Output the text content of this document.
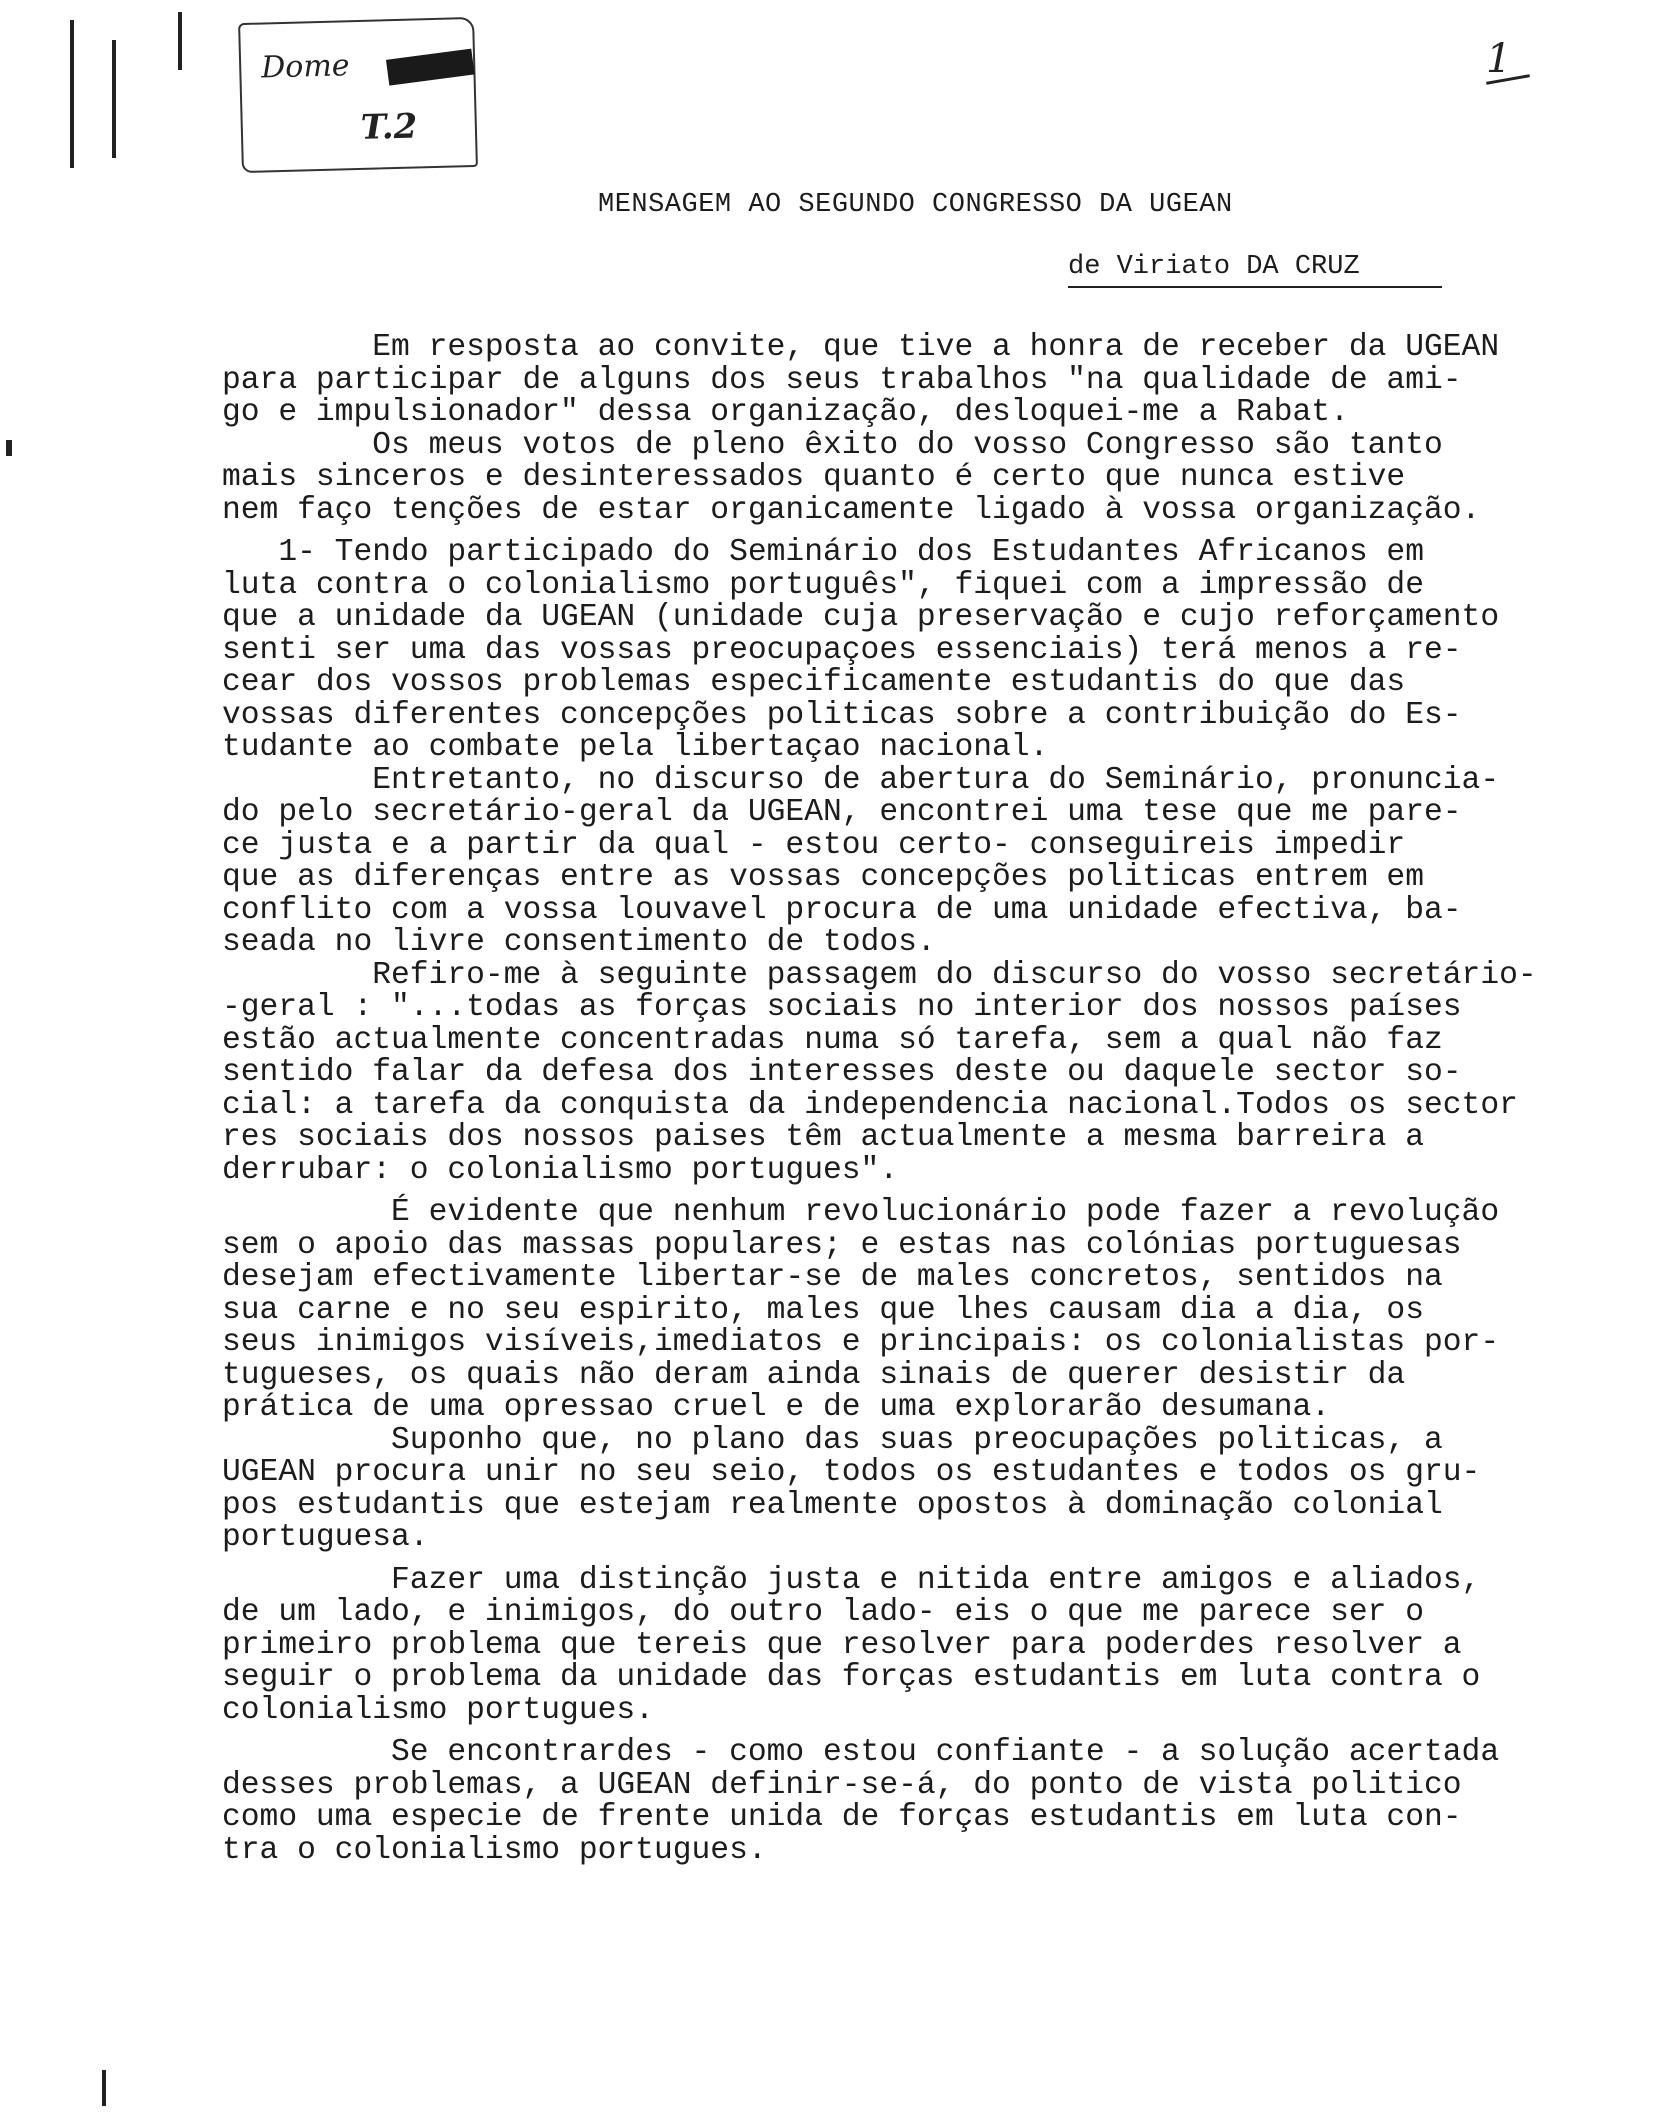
Dome
T.2
1
MENSAGEM AO SEGUNDO CONGRESSO DA UGEAN

de Viriato DA CRUZ

Em resposta ao convite, que tive a honra de receber da UGEAN
para participar de alguns dos seus trabalhos "na qualidade de ami-
go e impulsionador" dessa organização, desloquei-me a Rabat.

Os meus votos de pleno êxito do vosso Congresso são tanto
mais sinceros e desinteressados quanto é certo que nunca estive
nem faço tenções de estar organicamente ligado à vossa organização.

1- Tendo participado do Seminário dos Estudantes Africanos em
luta contra o colonialismo português", fiquei com a impressão de
que a unidade da UGEAN (unidade cuja preservação e cujo reforçamento
senti ser uma das vossas preocupaçoes essenciais) terá menos a re-
cear dos vossos problemas especificamente estudantis do que das
vossas diferentes concepções politicas sobre a contribuição do Es-
tudante ao combate pela libertaçao nacional.

Entretanto, no discurso de abertura do Seminário, pronuncia-
do pelo secretário-geral da UGEAN, encontrei uma tese que me pare-
ce justa e a partir da qual - estou certo- conseguireis impedir
que as diferenças entre as vossas concepções politicas entrem em
conflito com a vossa louvavel procura de uma unidade efectiva, ba-
seada no livre consentimento de todos.

Refiro-me à seguinte passagem do discurso do vosso secretário-
-geral : "...todas as forças sociais no interior dos nossos países
estão actualmente concentradas numa só tarefa, sem a qual não faz
sentido falar da defesa dos interesses deste ou daquele sector so-
cial: a tarefa da conquista da independencia nacional.Todos os sector
res sociais dos nossos paises têm actualmente a mesma barreira a
derrubar: o colonialismo portugues".

É evidente que nenhum revolucionário pode fazer a revolução
sem o apoio das massas populares; e estas nas colónias portuguesas
desejam efectivamente libertar-se de males concretos, sentidos na
sua carne e no seu espirito, males que lhes causam dia a dia, os
seus inimigos visíveis,imediatos e principais: os colonialistas por-
tugueses, os quais não deram ainda sinais de querer desistir da
prática de uma opressao cruel e de uma explorarão desumana.

Suponho que, no plano das suas preocupações politicas, a
UGEAN procura unir no seu seio, todos os estudantes e todos os gru-
pos estudantis que estejam realmente opostos à dominação colonial
portuguesa.

Fazer uma distinção justa e nitida entre amigos e aliados,
de um lado, e inimigos, do outro lado- eis o que me parece ser o
primeiro problema que tereis que resolver para poderdes resolver a
seguir o problema da unidade das forças estudantis em luta contra o
colonialismo portugues.

Se encontrardes - como estou confiante - a solução acertada
desses problemas, a UGEAN definir-se-á, do ponto de vista politico
como uma especie de frente unida de forças estudantis em luta con-
tra o colonialismo portugues.
